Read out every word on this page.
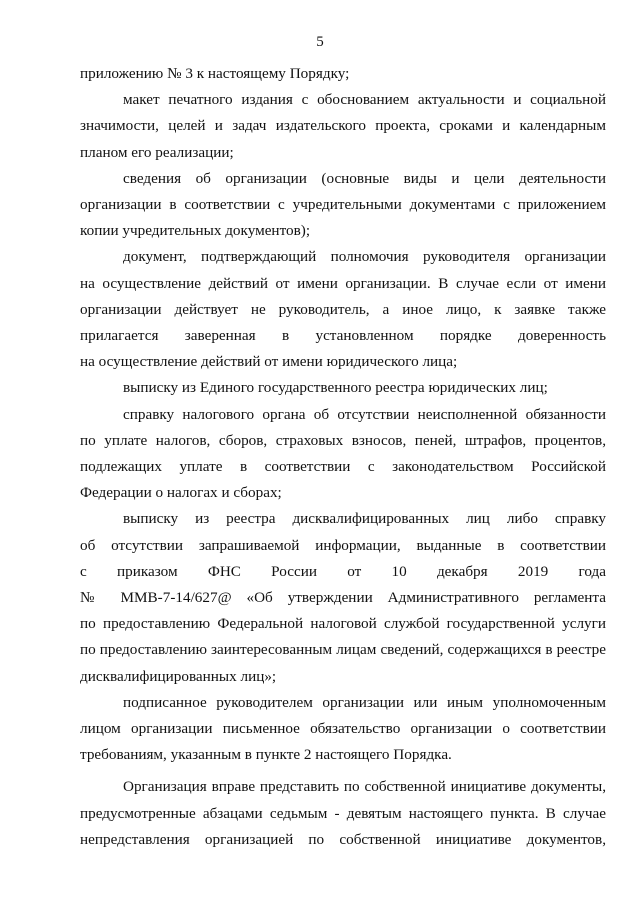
5
приложению № 3 к настоящему Порядку;
макет печатного издания с обоснованием актуальности и социальной
значимости, целей и задач издательского проекта, сроками и календарным
планом его реализации;
сведения об организации (основные виды и цели деятельности
организации в соответствии с учредительными документами с приложением
копии учредительных документов);
документ, подтверждающий полномочия руководителя организации
на осуществление действий от имени организации. В случае если от имени
организации действует не руководитель, а иное лицо, к заявке также
прилагается заверенная в установленном порядке доверенность
на осуществление действий от имени юридического лица;
выписку из Единого государственного реестра юридических лиц;
справку налогового органа об отсутствии неисполненной обязанности
по уплате налогов, сборов, страховых взносов, пеней, штрафов, процентов,
подлежащих уплате в соответствии с законодательством Российской
Федерации о налогах и сборах;
выписку из реестра дисквалифицированных лиц либо справку
об отсутствии запрашиваемой информации, выданные в соответствии
с приказом ФНС России от 10 декабря 2019 года
№ ММВ-7-14/627@ «Об утверждении Административного регламента
по предоставлению Федеральной налоговой службой государственной услуги
по предоставлению заинтересованным лицам сведений, содержащихся в реестре
дисквалифицированных лиц»;
подписанное руководителем организации или иным уполномоченным
лицом организации письменное обязательство организации о соответствии
требованиям, указанным в пункте 2 настоящего Порядка.
Организация вправе представить по собственной инициативе документы,
предусмотренные абзацами седьмым - девятым настоящего пункта. В случае
непредставления организацией по собственной инициативе документов,
